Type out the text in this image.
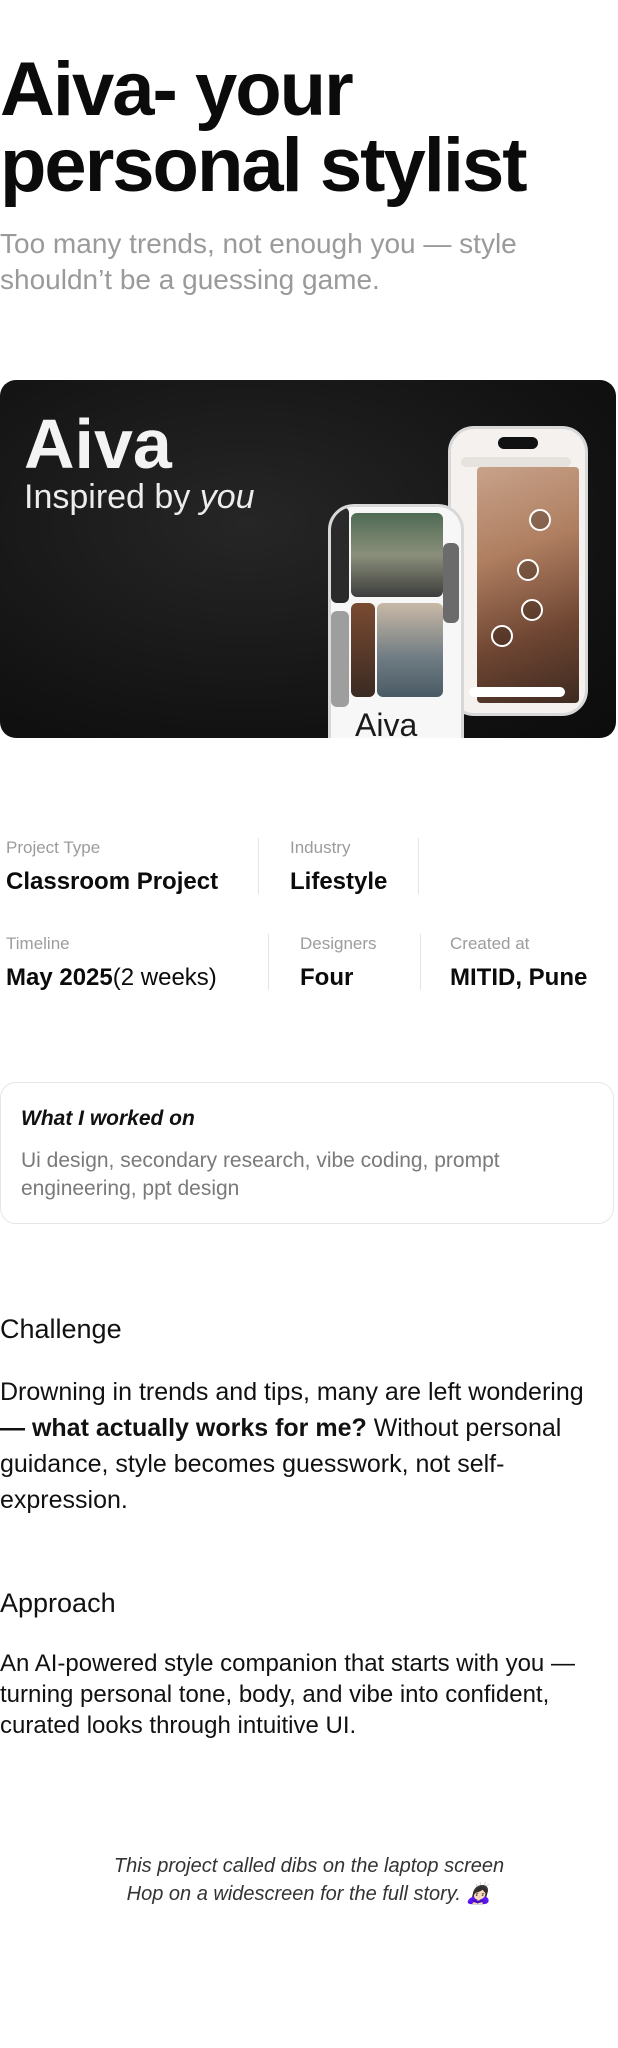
Aiva- your
personal stylist

Too many trends, not enough you — style shouldn’t be a guessing game.

Aiva
Inspired by you
Aiva
Project Type
Classroom Project
Industry
Lifestyle
Timeline
May 2025(2 weeks)
Designers
Four
Created at
MITID, Pune
What I worked on
Ui design, secondary research, vibe coding, prompt engineering, ppt design
Challenge
Drowning in trends and tips, many are left wondering — what actually works for me? Without personal guidance, style becomes guesswork, not self-expression.
Approach
An AI-powered style companion that starts with you — turning personal tone, body, and vibe into confident, curated looks through intuitive UI.
This project called dibs on the laptop screen
Hop on a widescreen for the full story. 🙇🏻‍♀️
